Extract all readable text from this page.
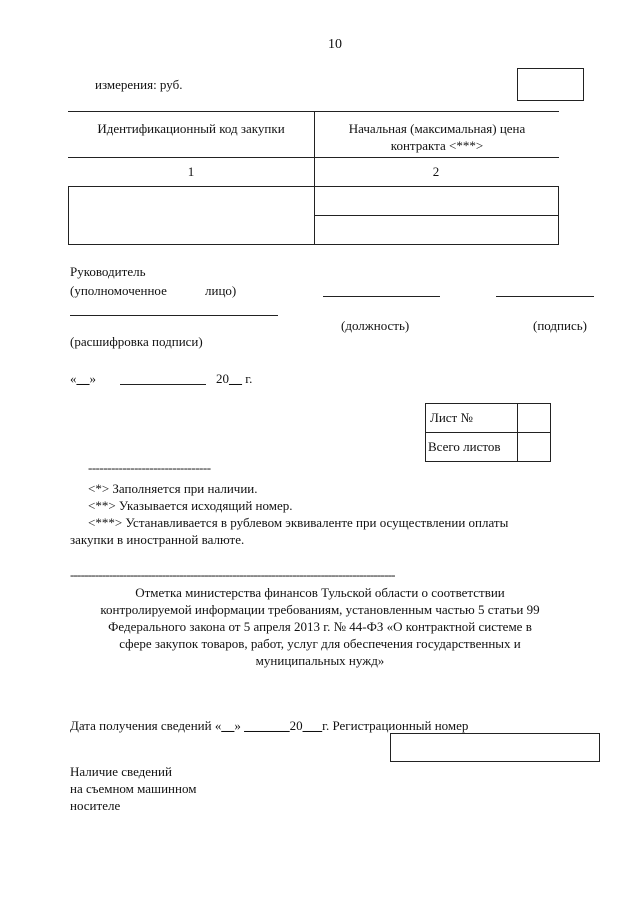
10
измерения: руб.
Идентификационный код закупки	Начальная (максимальная) цена контракта <***>
1	2
Руководитель
(уполномоченное	лицо)
(должность)	(подпись)
(расшифровка подписи)
«__»	20__ г.
Лист №
Всего листов
--------------------------------
<*> Заполняется при наличии.
<**> Указывается исходящий номер.
<***> Устанавливается в рублевом эквиваленте при осуществлении оплаты
закупки в иностранной валюте.
--------------------------------------------------------------------------------------------
Отметка министерства финансов Тульской области о соответствии
контролируемой информации требованиям, установленным частью 5 статьи 99
Федерального закона от 5 апреля 2013 г. № 44-ФЗ «О контрактной системе в
сфере закупок товаров, работ, услуг для обеспечения государственных и
муниципальных нужд»
Дата получения сведений «__» _______20___г. Регистрационный номер
Наличие сведений
на съемном машинном
носителе
